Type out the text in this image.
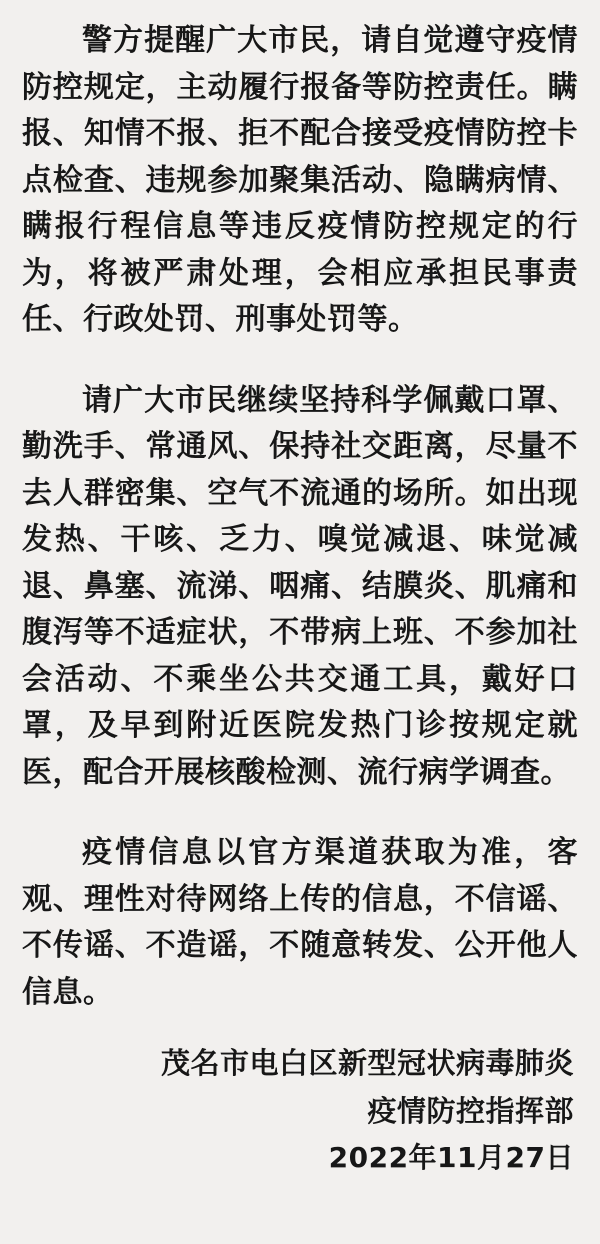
警方提醒广大市民，请自觉遵守疫情防控规定，主动履行报备等防控责任。瞒报、知情不报、拒不配合接受疫情防控卡点检查、违规参加聚集活动、隐瞒病情、瞒报行程信息等违反疫情防控规定的行为，将被严肃处理，会相应承担民事责任、行政处罚、刑事处罚等。

请广大市民继续坚持科学佩戴口罩、勤洗手、常通风、保持社交距离，尽量不去人群密集、空气不流通的场所。如出现发热、干咳、乏力、嗅觉减退、味觉减退、鼻塞、流涕、咽痛、结膜炎、肌痛和腹泻等不适症状，不带病上班、不参加社会活动、不乘坐公共交通工具，戴好口罩，及早到附近医院发热门诊按规定就医，配合开展核酸检测、流行病学调查。

疫情信息以官方渠道获取为准，客观、理性对待网络上传的信息，不信谣、不传谣、不造谣，不随意转发、公开他人信息。

茂名市电白区新型冠状病毒肺炎
疫情防控指挥部
2022年11月27日
